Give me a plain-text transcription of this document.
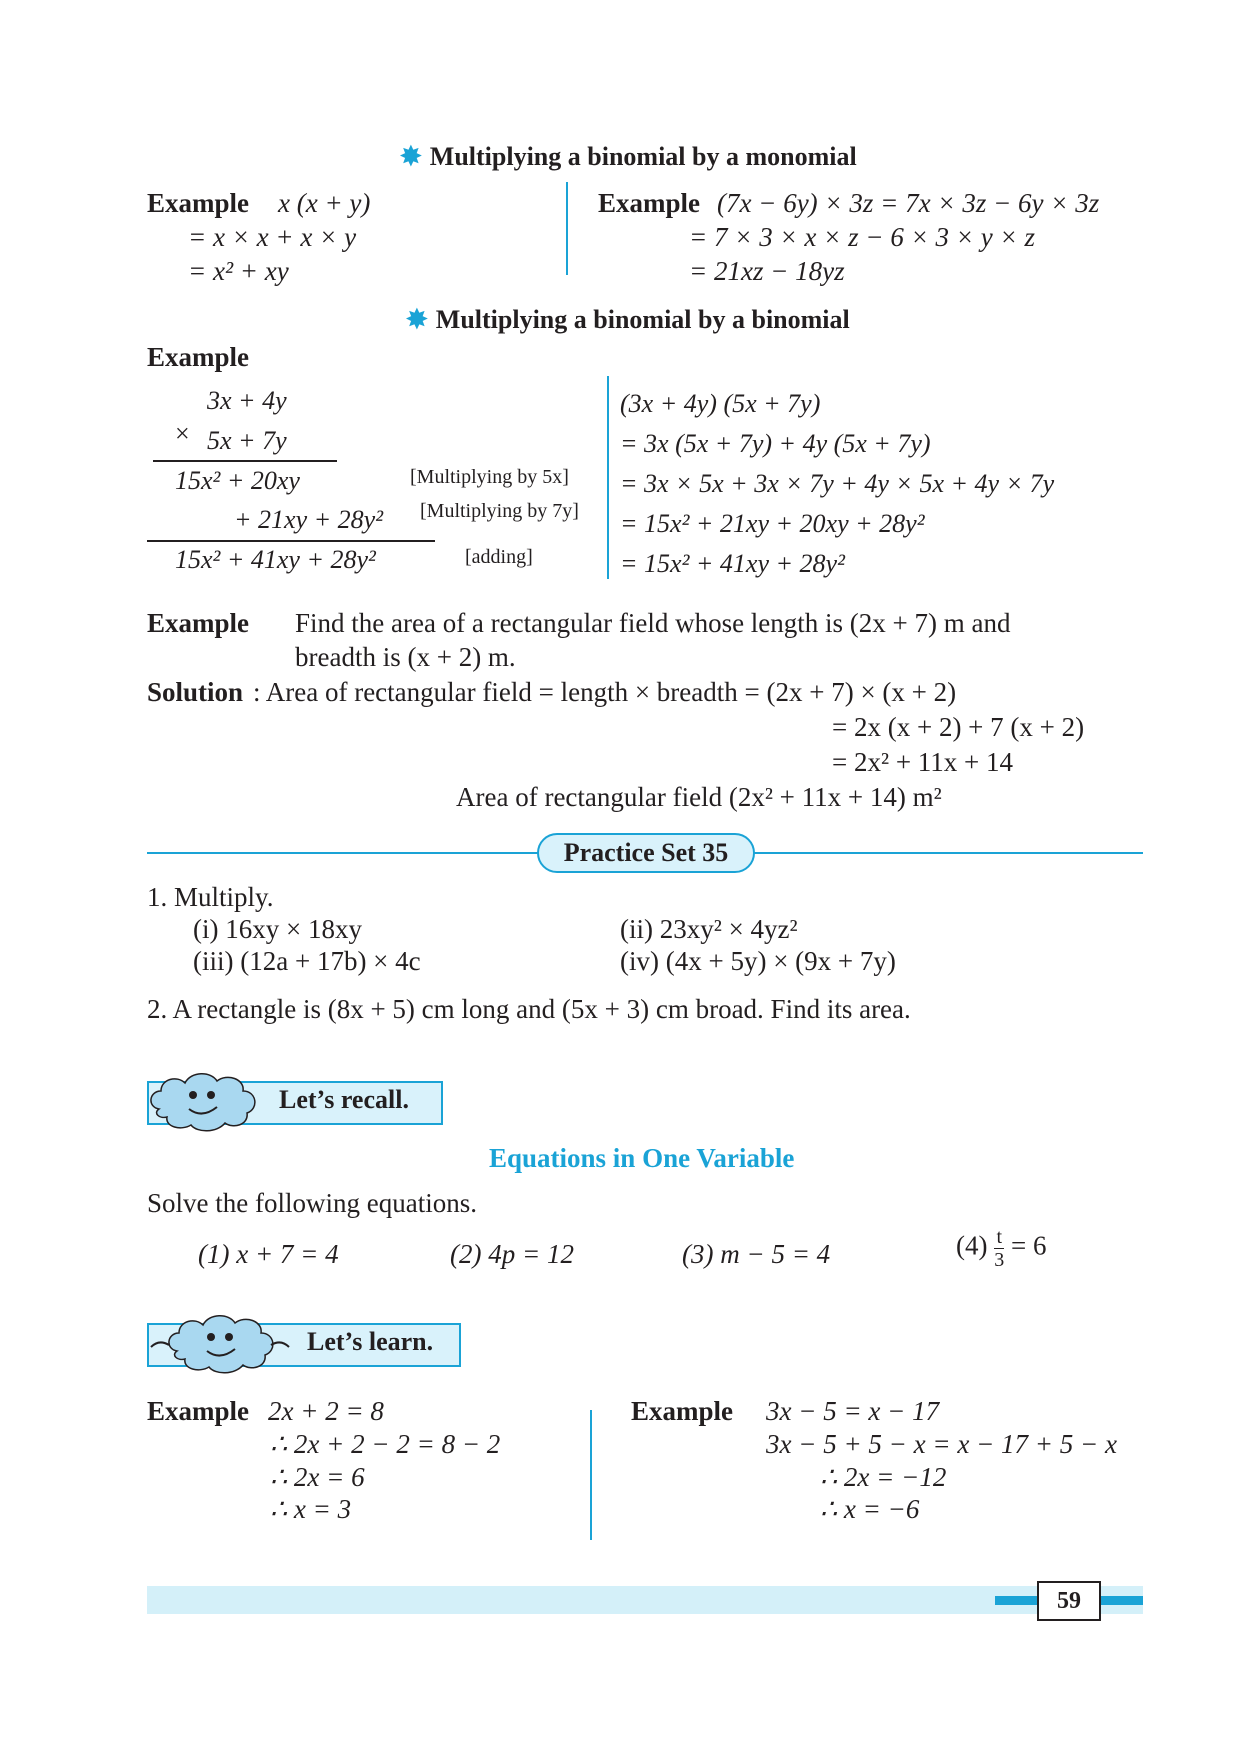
✸ Multiplying a binomial by a monomial
Example x (x + y)
= x × x + x × y
= x² + xy
Example (7x − 6y) × 3z = 7x × 3z − 6y × 3z
= 7 × 3 × x × z − 6 × 3 × y × z
= 21xz − 18yz
✸ Multiplying a binomial by a binomial
Example
3x + 4y
× 5x + 7y
15x² + 20xy	[Multiplying by 5x]
+ 21xy + 28y² [Multiplying by 7y]
15x² + 41xy + 28y²	[adding]
(3x + 4y) (5x + 7y)
= 3x (5x + 7y) + 4y (5x + 7y)
= 3x × 5x + 3x × 7y + 4y × 5x + 4y × 7y
= 15x² + 21xy + 20xy + 28y²
= 15x² + 41xy + 28y²
Example Find the area of a rectangular field whose length is (2x + 7) m and
breadth is (x + 2) m.
Solution : Area of rectangular field = length × breadth = (2x + 7) × (x + 2)
= 2x (x + 2) + 7 (x + 2)
= 2x² + 11x + 14
Area of rectangular field (2x² + 11x + 14) m²
Practice Set 35
1. Multiply.
(i) 16xy × 18xy	(ii) 23xy² × 4yz²
(iii) (12a + 17b) × 4c	(iv) (4x + 5y) × (9x + 7y)
2. A rectangle is (8x + 5) cm long and (5x + 3) cm broad. Find its area.
Let’s recall.
Equations in One Variable
Solve the following equations.
(1) x + 7 = 4	(2) 4p = 12	(3) m − 5 = 4	$(4) \frac{t}{3} = 6$
Let’s learn.
Example 2x + 2 = 8
∴ 2x + 2 − 2 = 8 − 2
∴ 2x = 6
∴ x = 3
Example 3x − 5 = x − 17
3x − 5 + 5 − x = x − 17 + 5 − x
∴ 2x = −12
∴ x = −6
59
